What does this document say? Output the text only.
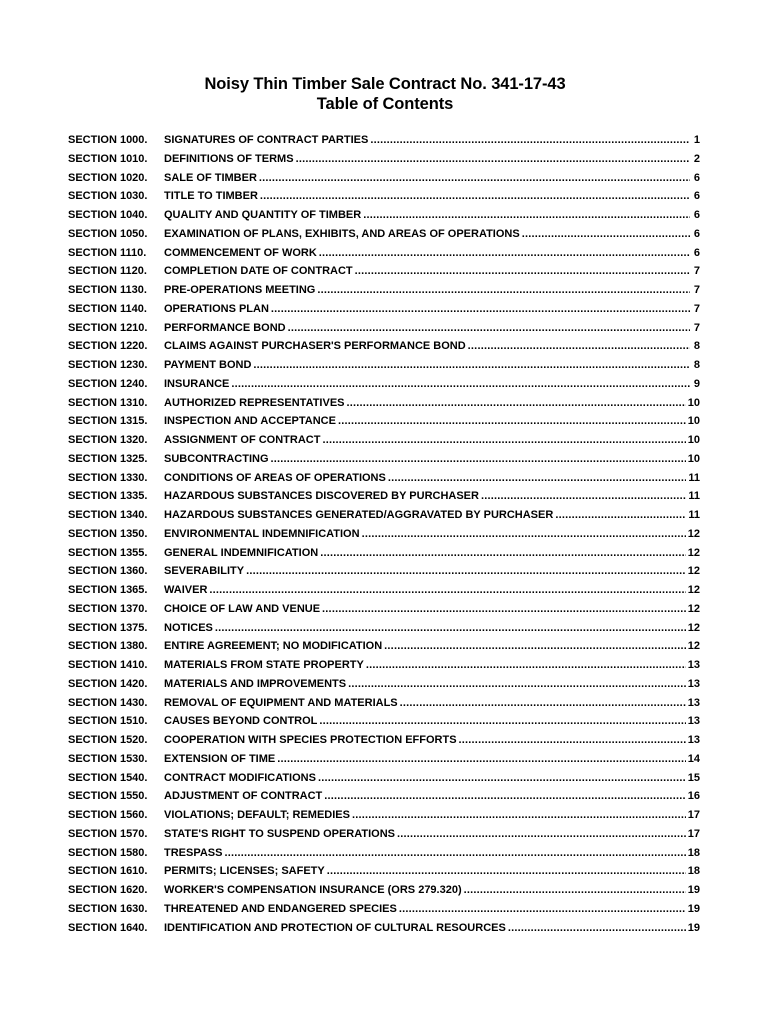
Noisy Thin Timber Sale Contract No. 341-17-43
Table of Contents
SECTION 1000.	SIGNATURES OF CONTRACT PARTIES .....	1
SECTION 1010.	DEFINITIONS OF TERMS .....	2
SECTION 1020.	SALE OF TIMBER .....	6
SECTION 1030.	TITLE TO TIMBER .....	6
SECTION 1040.	QUALITY AND QUANTITY OF TIMBER .....	6
SECTION 1050.	EXAMINATION OF PLANS, EXHIBITS, AND AREAS OF OPERATIONS .....	6
SECTION 1110.	COMMENCEMENT OF WORK .....	6
SECTION 1120.	COMPLETION DATE OF CONTRACT .....	7
SECTION 1130.	PRE-OPERATIONS MEETING .....	7
SECTION 1140.	OPERATIONS PLAN .....	7
SECTION 1210.	PERFORMANCE BOND .....	7
SECTION 1220.	CLAIMS AGAINST PURCHASER'S PERFORMANCE BOND .....	8
SECTION 1230.	PAYMENT BOND .....	8
SECTION 1240.	INSURANCE .....	9
SECTION 1310.	AUTHORIZED REPRESENTATIVES .....	10
SECTION 1315.	INSPECTION AND ACCEPTANCE .....	10
SECTION 1320.	ASSIGNMENT OF CONTRACT .....	10
SECTION 1325.	SUBCONTRACTING .....	10
SECTION 1330.	CONDITIONS OF AREAS OF OPERATIONS .....	11
SECTION 1335.	HAZARDOUS SUBSTANCES DISCOVERED BY PURCHASER .....	11
SECTION 1340.	HAZARDOUS SUBSTANCES GENERATED/AGGRAVATED BY PURCHASER .....	11
SECTION 1350.	ENVIRONMENTAL INDEMNIFICATION .....	12
SECTION 1355.	GENERAL INDEMNIFICATION .....	12
SECTION 1360.	SEVERABILITY .....	12
SECTION 1365.	WAIVER .....	12
SECTION 1370.	CHOICE OF LAW AND VENUE .....	12
SECTION 1375.	NOTICES .....	12
SECTION 1380.	ENTIRE AGREEMENT; NO MODIFICATION .....	12
SECTION 1410.	MATERIALS FROM STATE PROPERTY .....	13
SECTION 1420.	MATERIALS AND IMPROVEMENTS .....	13
SECTION 1430.	REMOVAL OF EQUIPMENT AND MATERIALS .....	13
SECTION 1510.	CAUSES BEYOND CONTROL .....	13
SECTION 1520.	COOPERATION WITH SPECIES PROTECTION EFFORTS .....	13
SECTION 1530.	EXTENSION OF TIME .....	14
SECTION 1540.	CONTRACT MODIFICATIONS .....	15
SECTION 1550.	ADJUSTMENT OF CONTRACT .....	16
SECTION 1560.	VIOLATIONS; DEFAULT; REMEDIES .....	17
SECTION 1570.	STATE'S RIGHT TO SUSPEND OPERATIONS .....	17
SECTION 1580.	TRESPASS .....	18
SECTION 1610.	PERMITS; LICENSES; SAFETY .....	18
SECTION 1620.	WORKER'S COMPENSATION INSURANCE (ORS 279.320) .....	19
SECTION 1630.	THREATENED AND ENDANGERED SPECIES .....	19
SECTION 1640.	IDENTIFICATION AND PROTECTION OF CULTURAL RESOURCES .....	19
